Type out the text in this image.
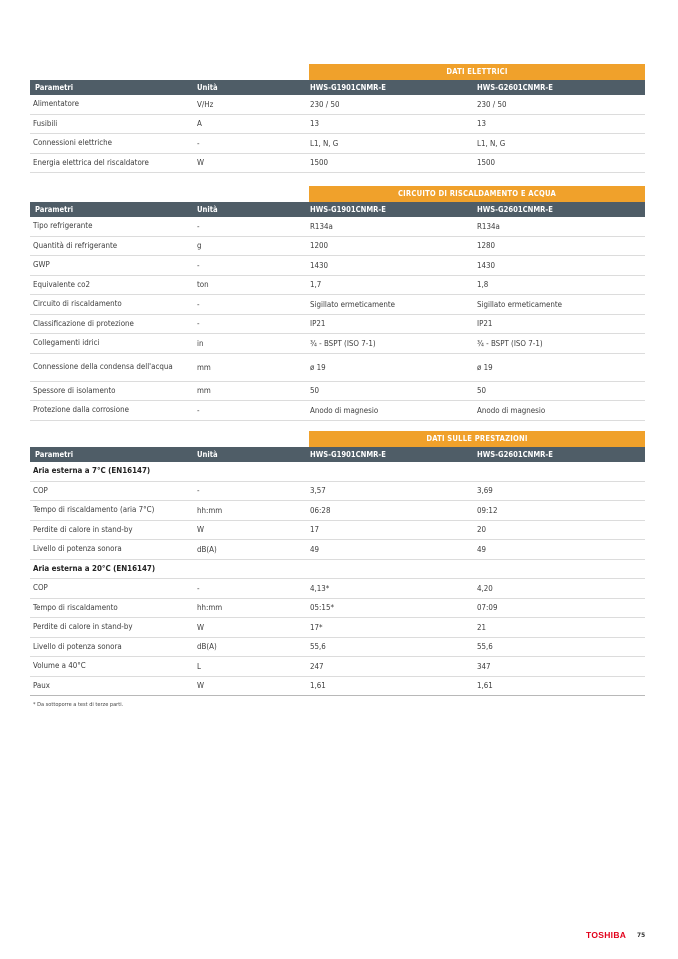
DATI ELETTRICI
Parametri	Unità	HWS-G1901CNMR-E	HWS-G2601CNMR-E
Alimentatore	V/Hz	230 / 50	230 / 50
Fusibili	A	13	13
Connessioni elettriche	-	L1, N, G	L1, N, G
Energia elettrica del riscaldatore	W	1500	1500
CIRCUITO DI RISCALDAMENTO E ACQUA
Parametri	Unità	HWS-G1901CNMR-E	HWS-G2601CNMR-E
Tipo refrigerante	-	R134a	R134a
Quantità di refrigerante	g	1200	1280
GWP	-	1430	1430
Equivalente co2	ton	1,7	1,8
Circuito di riscaldamento	-	Sigillato ermeticamente	Sigillato ermeticamente
Classificazione di protezione	-	IP21	IP21
Collegamenti idrici	in	¾ - BSPT (ISO 7-1)	¾ - BSPT (ISO 7-1)
Connessione della condensa dell'acqua	mm	ø 19	ø 19
Spessore di isolamento	mm	50	50
Protezione dalla corrosione	-	Anodo di magnesio	Anodo di magnesio
DATI SULLE PRESTAZIONI
Parametri	Unità	HWS-G1901CNMR-E	HWS-G2601CNMR-E
Aria esterna a 7°C (EN16147)
COP	-	3,57	3,69
Tempo di riscaldamento (aria 7°C)	hh:mm	06:28	09:12
Perdite di calore in stand-by	W	17	20
Livello di potenza sonora	dB(A)	49	49
Aria esterna a 20°C (EN16147)
COP	-	4,13*	4,20
Tempo di riscaldamento	hh:mm	05:15*	07:09
Perdite di calore in stand-by	W	17*	21
Livello di potenza sonora	dB(A)	55,6	55,6
Volume a 40°C	L	247	347
Paux	W	1,61	1,61
* Da sottoporre a test di terze parti.
TOSHIBA 75
